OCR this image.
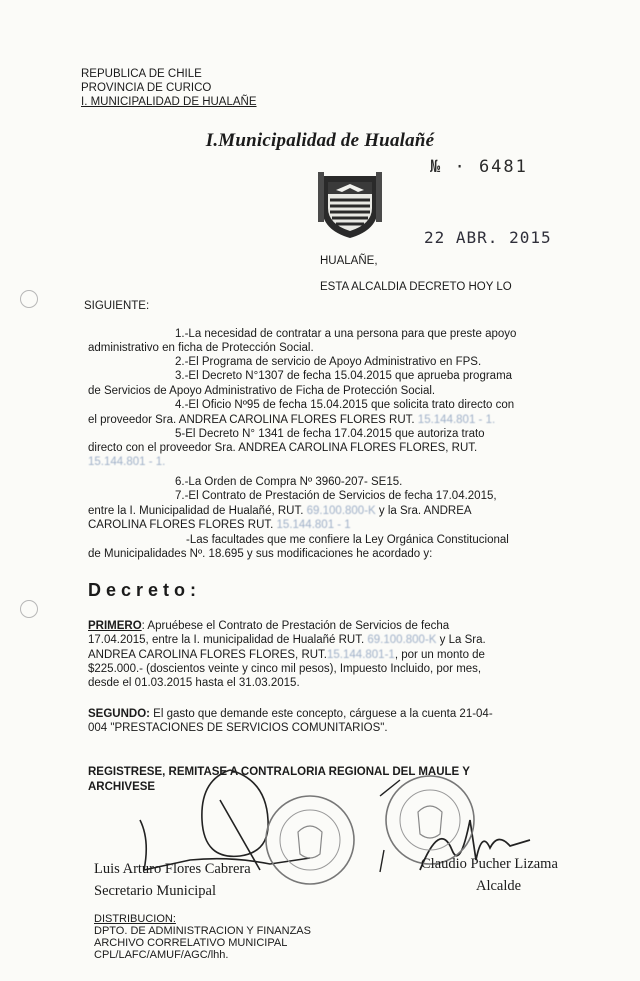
REPUBLICA DE CHILE
PROVINCIA DE CURICO
I. MUNICIPALIDAD DE HUALAÑE
I.Municipalidad de Hualañé
№ · 6481
22 ABR. 2015
HUALAÑE,
ESTA ALCALDIA DECRETO HOY LO
SIGUIENTE:
1.-La necesidad de contratar a una persona para que preste apoyo
administrativo en ficha de Protección Social.
2.-El Programa de servicio de Apoyo Administrativo en FPS.
3.-El Decreto N°1307 de fecha 15.04.2015 que aprueba programa
de Servicios de Apoyo Administrativo de Ficha de Protección Social.
4.-El Oficio Nº95 de fecha 15.04.2015 que solicita trato directo con
el proveedor Sra. ANDREA CAROLINA FLORES FLORES RUT. 15.144.801 - 1.
5-El Decreto N° 1341 de fecha 17.04.2015 que autoriza trato
directo con el proveedor Sra. ANDREA CAROLINA FLORES FLORES, RUT.
15.144.801 - 1.
6.-La Orden de Compra Nº 3960-207- SE15.
7.-El Contrato de Prestación de Servicios de fecha 17.04.2015,
entre la I. Municipalidad de Hualañé, RUT. 69.100.800-K y la Sra. ANDREA
CAROLINA FLORES FLORES RUT. 15.144.801 - 1
-Las facultades que me confiere la Ley Orgánica Constitucional
de Municipalidades Nº. 18.695 y sus modificaciones he acordado y:
Decreto:
PRIMERO: Apruébese el Contrato de Prestación de Servicios de fecha
17.04.2015, entre la I. municipalidad de Hualañé RUT. 69.100.800-K y La Sra.
ANDREA CAROLINA FLORES FLORES, RUT.15.144.801-1, por un monto de
$225.000.- (doscientos veinte y cinco mil pesos), Impuesto Incluido, por mes,
desde el 01.03.2015 hasta el 31.03.2015.
SEGUNDO: El gasto que demande este concepto, cárguese a la cuenta 21-04-
004 "PRESTACIONES DE SERVICIOS COMUNITARIOS".
REGISTRESE, REMITASE A CONTRALORIA REGIONAL DEL MAULE Y
ARCHIVESE
Luis Arturo Flores Cabrera
Secretario Municipal
Claudio Pucher Lizama
Alcalde
DISTRIBUCION:
DPTO. DE ADMINISTRACION Y FINANZAS
ARCHIVO CORRELATIVO MUNICIPAL
CPL/LAFC/AMUF/AGC/lhh.
